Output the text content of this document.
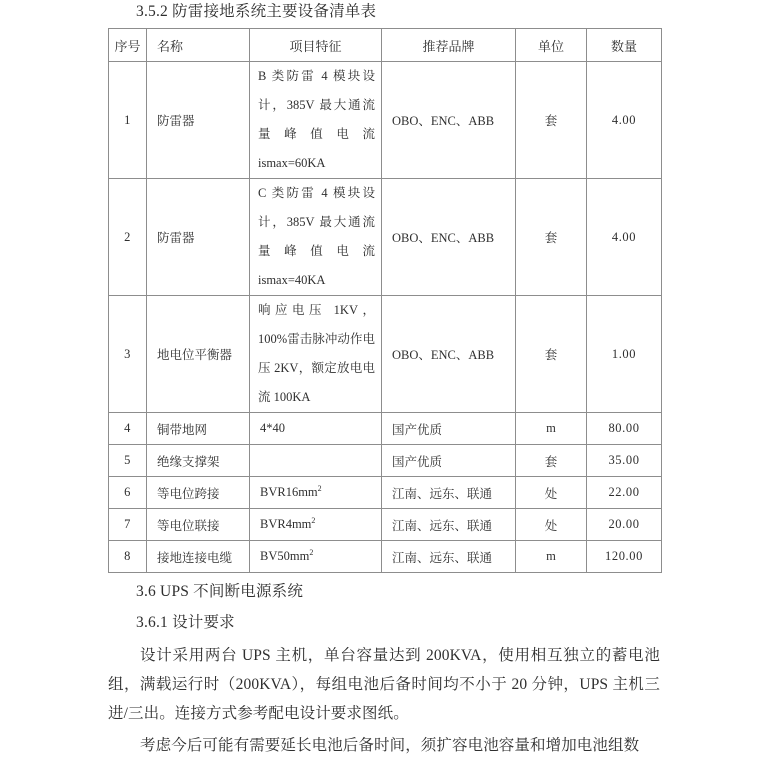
3.5.2 防雷接地系统主要设备清单表
序号	名称	项目特征	推荐品牌	单位	数量
1	防雷器	B 类防雷 4 模块设计，385V 最大通流量峰值电流 ismax=60KA	OBO、ENC、ABB	套	4.00
2	防雷器	C 类防雷 4 模块设计，385V 最大通流量峰值电流 ismax=40KA	OBO、ENC、ABB	套	4.00
3	地电位平衡器	响应电压 1KV，100%雷击脉冲动作电压 2KV，额定放电电流 100KA	OBO、ENC、ABB	套	1.00
4	铜带地网	4*40	国产优质	m	80.00
5	绝缘支撑架		国产优质	套	35.00
6	等电位跨接	$BVR16mm^2$	江南、远东、联通	处	22.00
7	等电位联接	$BVR4mm^2$	江南、远东、联通	处	20.00
8	接地连接电缆	$BV50mm^2$	江南、远东、联通	m	120.00
3.6 UPS 不间断电源系统
3.6.1 设计要求

设计采用两台 UPS 主机，单台容量达到 200KVA，使用相互独立的蓄电池组，满载运行时（200KVA），每组电池后备时间均不小于 20 分钟，UPS 主机三进/三出。连接方式参考配电设计要求图纸。

考虑今后可能有需要延长电池后备时间，须扩容电池容量和增加电池组数
